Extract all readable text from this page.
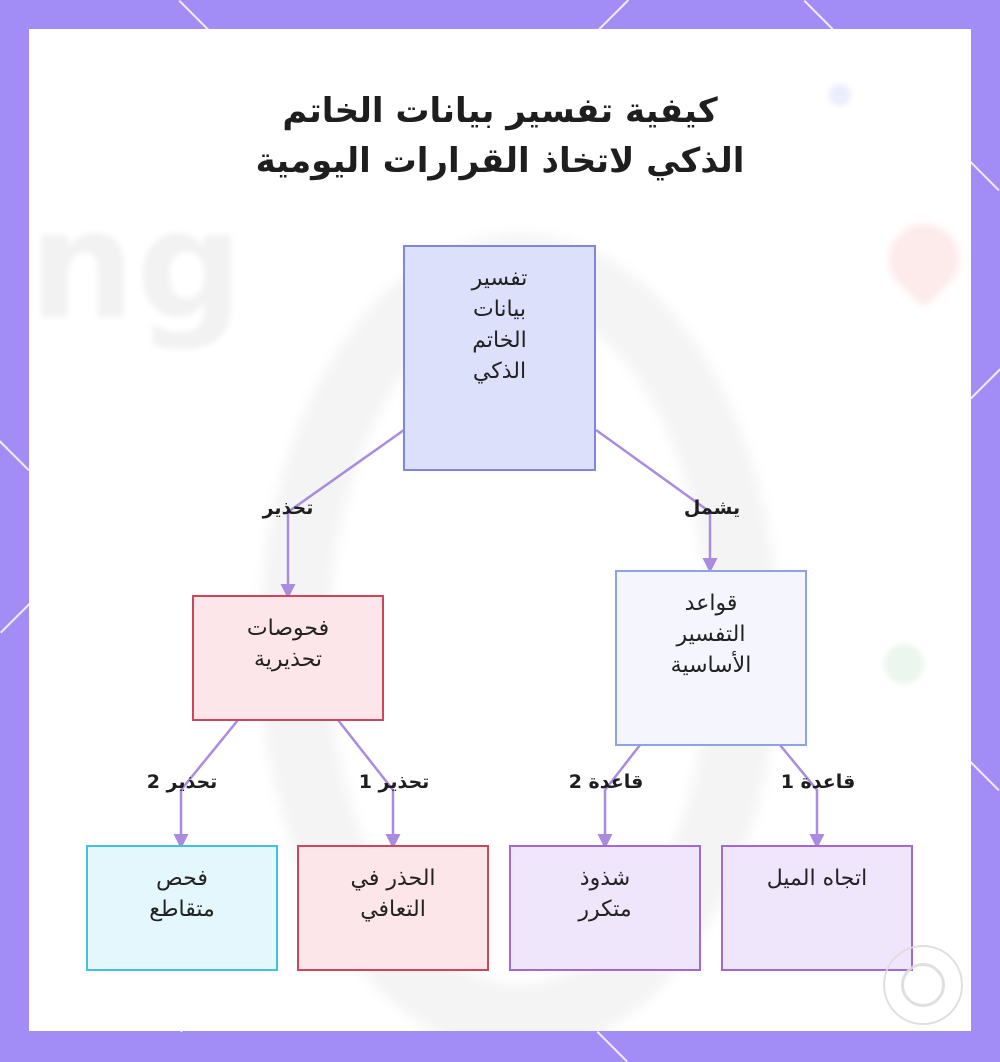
ng
كيفية تفسير بيانات الخاتم
الذكي لاتخاذ القرارات اليومية
تفسير
بيانات
الخاتم
الذكي
قواعد
التفسير
الأساسية
فحوصات
تحذيرية
اتجاه الميل
شذوذ
متكرر
الحذر في
التعافي
فحص
متقاطع
يشمل
تحذير
قاعدة 1
قاعدة 2
تحذير 1
تحذير 2
